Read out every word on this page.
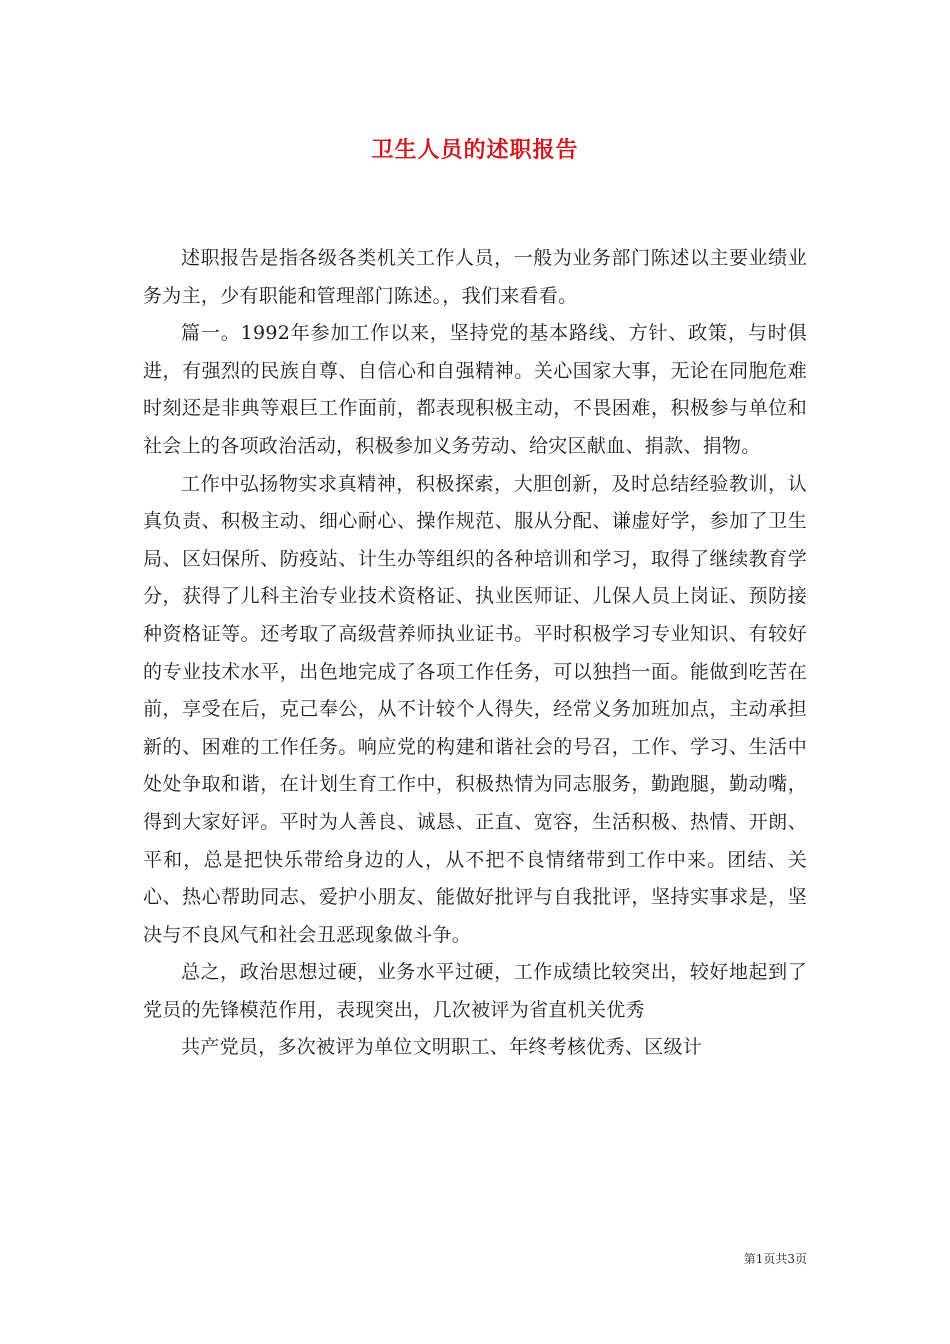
卫生人员的述职报告

述职报告是指各级各类机关工作人员，一般为业务部门陈述以主要业绩业务为主，少有职能和管理部门陈述。，我们来看看。

篇一。1992年参加工作以来，坚持党的基本路线、方针、政策，与时俱进，有强烈的民族自尊、自信心和自强精神。关心国家大事，无论在同胞危难时刻还是非典等艰巨工作面前，都表现积极主动，不畏困难，积极参与单位和社会上的各项政治活动，积极参加义务劳动、给灾区献血、捐款、捐物。

工作中弘扬物实求真精神，积极探索，大胆创新，及时总结经验教训，认真负责、积极主动、细心耐心、操作规范、服从分配、谦虚好学，参加了卫生局、区妇保所、防疫站、计生办等组织的各种培训和学习，取得了继续教育学分，获得了儿科主治专业技术资格证、执业医师证、儿保人员上岗证、预防接种资格证等。还考取了高级营养师执业证书。平时积极学习专业知识、有较好的专业技术水平，出色地完成了各项工作任务，可以独挡一面。能做到吃苦在前，享受在后，克己奉公，从不计较个人得失，经常义务加班加点，主动承担新的、困难的工作任务。响应党的构建和谐社会的号召，工作、学习、生活中处处争取和谐，在计划生育工作中，积极热情为同志服务，勤跑腿，勤动嘴，得到大家好评。平时为人善良、诚恳、正直、宽容，生活积极、热情、开朗、平和，总是把快乐带给身边的人，从不把不良情绪带到工作中来。团结、关心、热心帮助同志、爱护小朋友、能做好批评与自我批评，坚持实事求是，坚决与不良风气和社会丑恶现象做斗争。

总之，政治思想过硬，业务水平过硬，工作成绩比较突出，较好地起到了党员的先锋模范作用，表现突出，几次被评为省直机关优秀

共产党员，多次被评为单位文明职工、年终考核优秀、区级计

第1页共3页
